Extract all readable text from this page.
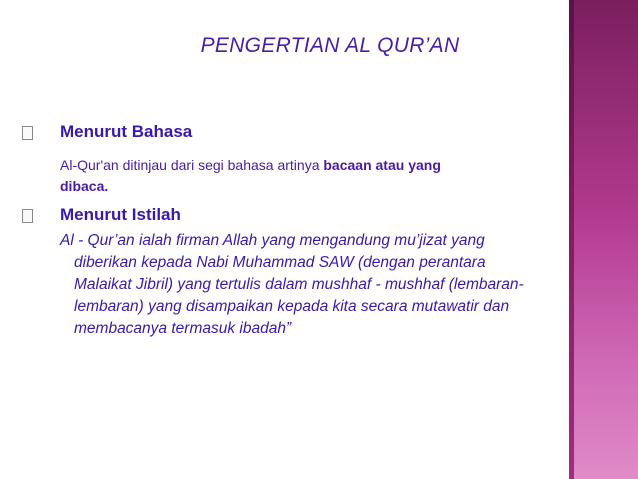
PENGERTIAN AL QUR’AN
Menurut Bahasa
Al-Qur'an ditinjau dari segi bahasa artinya bacaan atau yang
dibaca.
Menurut Istilah
Al - Qur’an ialah firman Allah yang mengandung mu’jizat yang
diberikan kepada Nabi Muhammad SAW (dengan perantara
Malaikat Jibril) yang tertulis dalam mushhaf - mushhaf (lembaran-
lembaran) yang disampaikan kepada kita secara mutawatir dan
membacanya termasuk ibadah”
